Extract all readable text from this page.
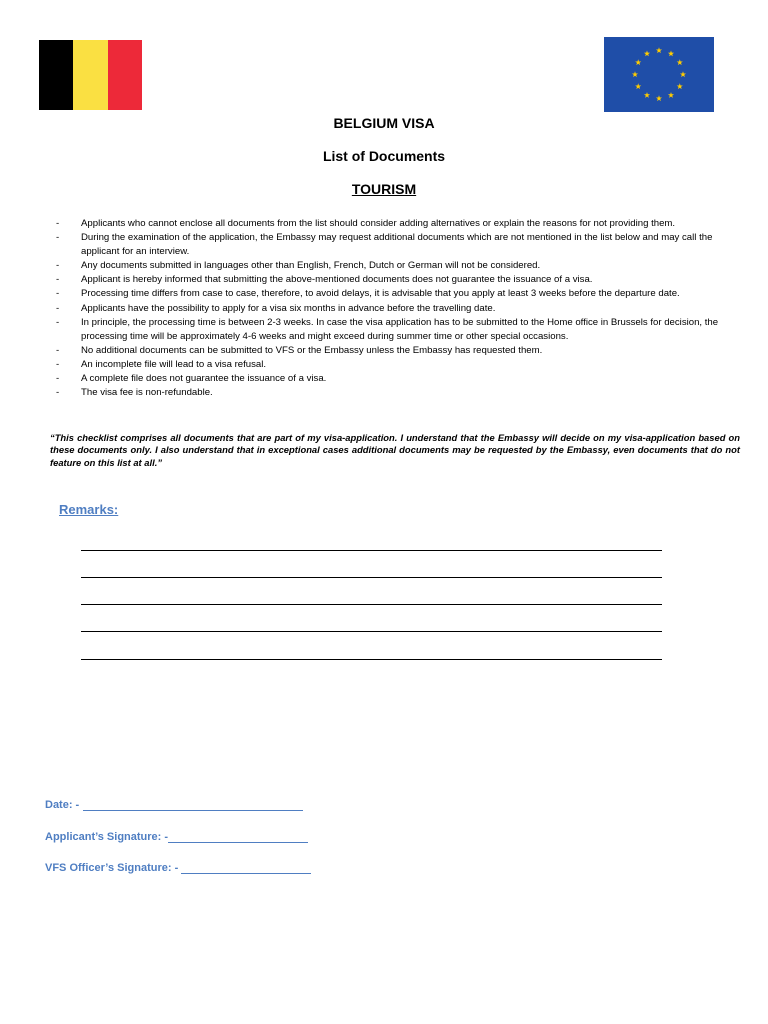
BELGIUM VISA
List of Documents
TOURISM
- Applicants who cannot enclose all documents from the list should consider adding alternatives or explain the reasons for not providing them.
- During the examination of the application, the Embassy may request additional documents which are not mentioned in the list below and may call the applicant for an interview.
- Any documents submitted in languages other than English, French, Dutch or German will not be considered.
- Applicant is hereby informed that submitting the above-mentioned documents does not guarantee the issuance of a visa.
- Processing time differs from case to case, therefore, to avoid delays, it is advisable that you apply at least 3 weeks before the departure date.
- Applicants have the possibility to apply for a visa six months in advance before the travelling date.
- In principle, the processing time is between 2-3 weeks. In case the visa application has to be submitted to the Home office in Brussels for decision, the processing time will be approximately 4-6 weeks and might exceed during summer time or other special occasions.
- No additional documents can be submitted to VFS or the Embassy unless the Embassy has requested them.
- An incomplete file will lead to a visa refusal.
- A complete file does not guarantee the issuance of a visa.
- The visa fee is non-refundable.
“This checklist comprises all documents that are part of my visa-application. I understand that the Embassy will decide on my visa-application based on these documents only. I also understand that in exceptional cases additional documents may be requested by the Embassy, even documents that do not feature on this list at all.”
Remarks:
Date: -
Applicant’s Signature: -
VFS Officer’s Signature: -
